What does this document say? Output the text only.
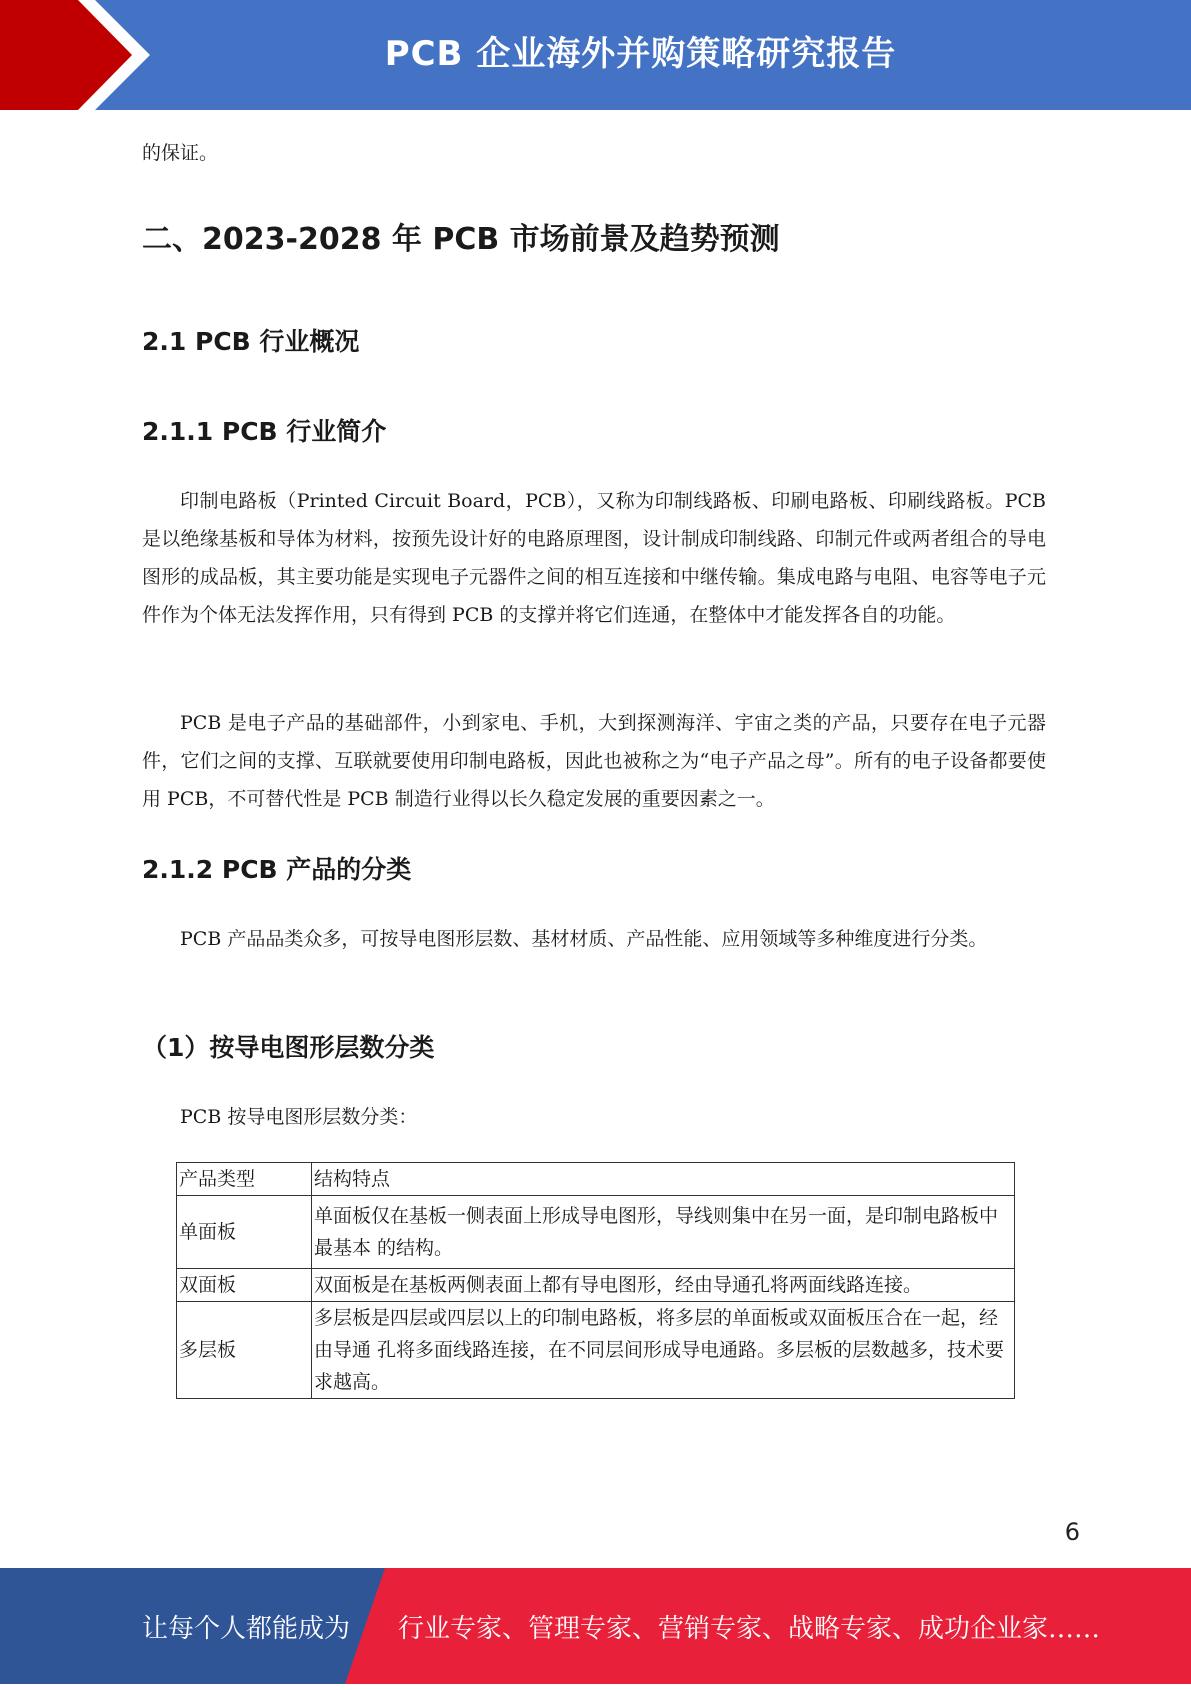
PCB 企业海外并购策略研究报告

的保证。

二、2023-2028 年 PCB 市场前景及趋势预测
2.1 PCB 行业概况
2.1.1 PCB 行业简介

印制电路板（Printed Circuit Board，PCB），又称为印制线路板、印刷电路板、印刷线路板。PCB 是以绝缘基板和导体为材料，按预先设计好的电路原理图，设计制成印制线路、印制元件或两者组合的导电图形的成品板，其主要功能是实现电子元器件之间的相互连接和中继传输。集成电路与电阻、电容等电子元件作为个体无法发挥作用，只有得到 PCB 的支撑并将它们连通，在整体中才能发挥各自的功能。

PCB 是电子产品的基础部件，小到家电、手机，大到探测海洋、宇宙之类的产品，只要存在电子元器件，它们之间的支撑、互联就要使用印制电路板，因此也被称之为“电子产品之母”。所有的电子设备都要使用 PCB，不可替代性是 PCB 制造行业得以长久稳定发展的重要因素之一。

2.1.2 PCB 产品的分类

PCB 产品品类众多，可按导电图形层数、基材材质、产品性能、应用领域等多种维度进行分类。

（1）按导电图形层数分类

PCB 按导电图形层数分类：

产品类型	结构特点
单面板	单面板仅在基板一侧表面上形成导电图形，导线则集中在另一面，是印制电路板中最基本 的结构。
双面板	双面板是在基板两侧表面上都有导电图形，经由导通孔将两面线路连接。
多层板	多层板是四层或四层以上的印制电路板，将多层的单面板或双面板压合在一起，经由导通 孔将多面线路连接，在不同层间形成导电通路。多层板的层数越多，技术要求越高。
6
让每个人都能成为 行业专家、管理专家、营销专家、战略专家、成功企业家……
